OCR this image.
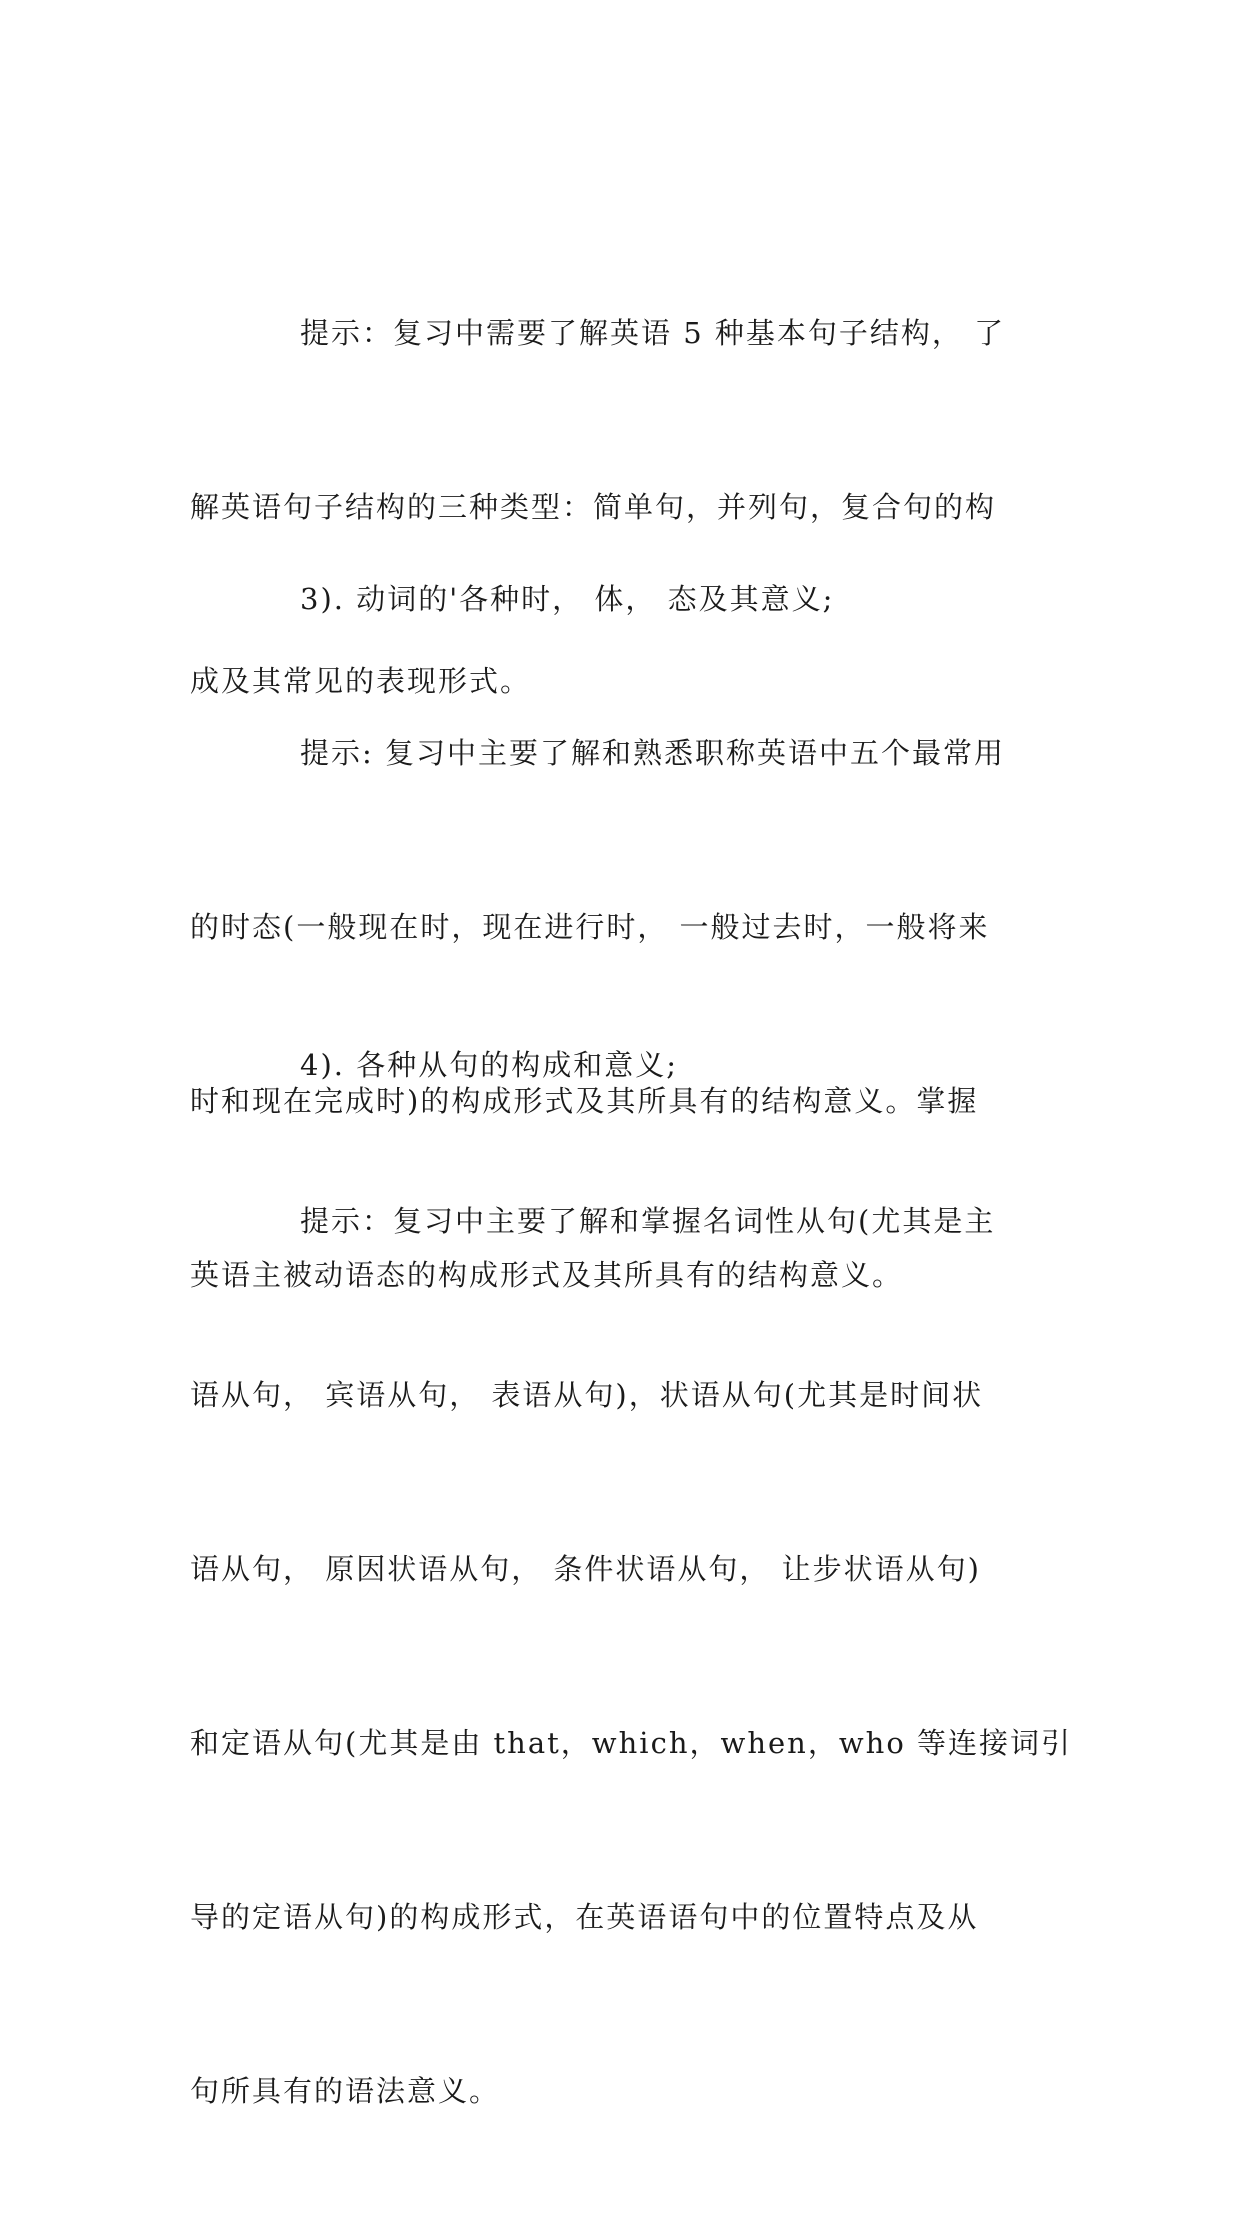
提示：复习中需要了解英语 5 种基本句子结构， 了

解英语句子结构的三种类型：简单句，并列句，复合句的构

成及其常见的表现形式。

3). 动词的'各种时， 体， 态及其意义;

提示: 复习中主要了解和熟悉职称英语中五个最常用

的时态(一般现在时，现在进行时， 一般过去时，一般将来

时和现在完成时)的构成形式及其所具有的结构意义。掌握

英语主被动语态的构成形式及其所具有的结构意义。

4). 各种从句的构成和意义;

提示：复习中主要了解和掌握名词性从句(尤其是主

语从句， 宾语从句， 表语从句)，状语从句(尤其是时间状

语从句， 原因状语从句， 条件状语从句， 让步状语从句)

和定语从句(尤其是由 that，which，when，who 等连接词引

导的定语从句)的构成形式，在英语语句中的位置特点及从

句所具有的语法意义。
